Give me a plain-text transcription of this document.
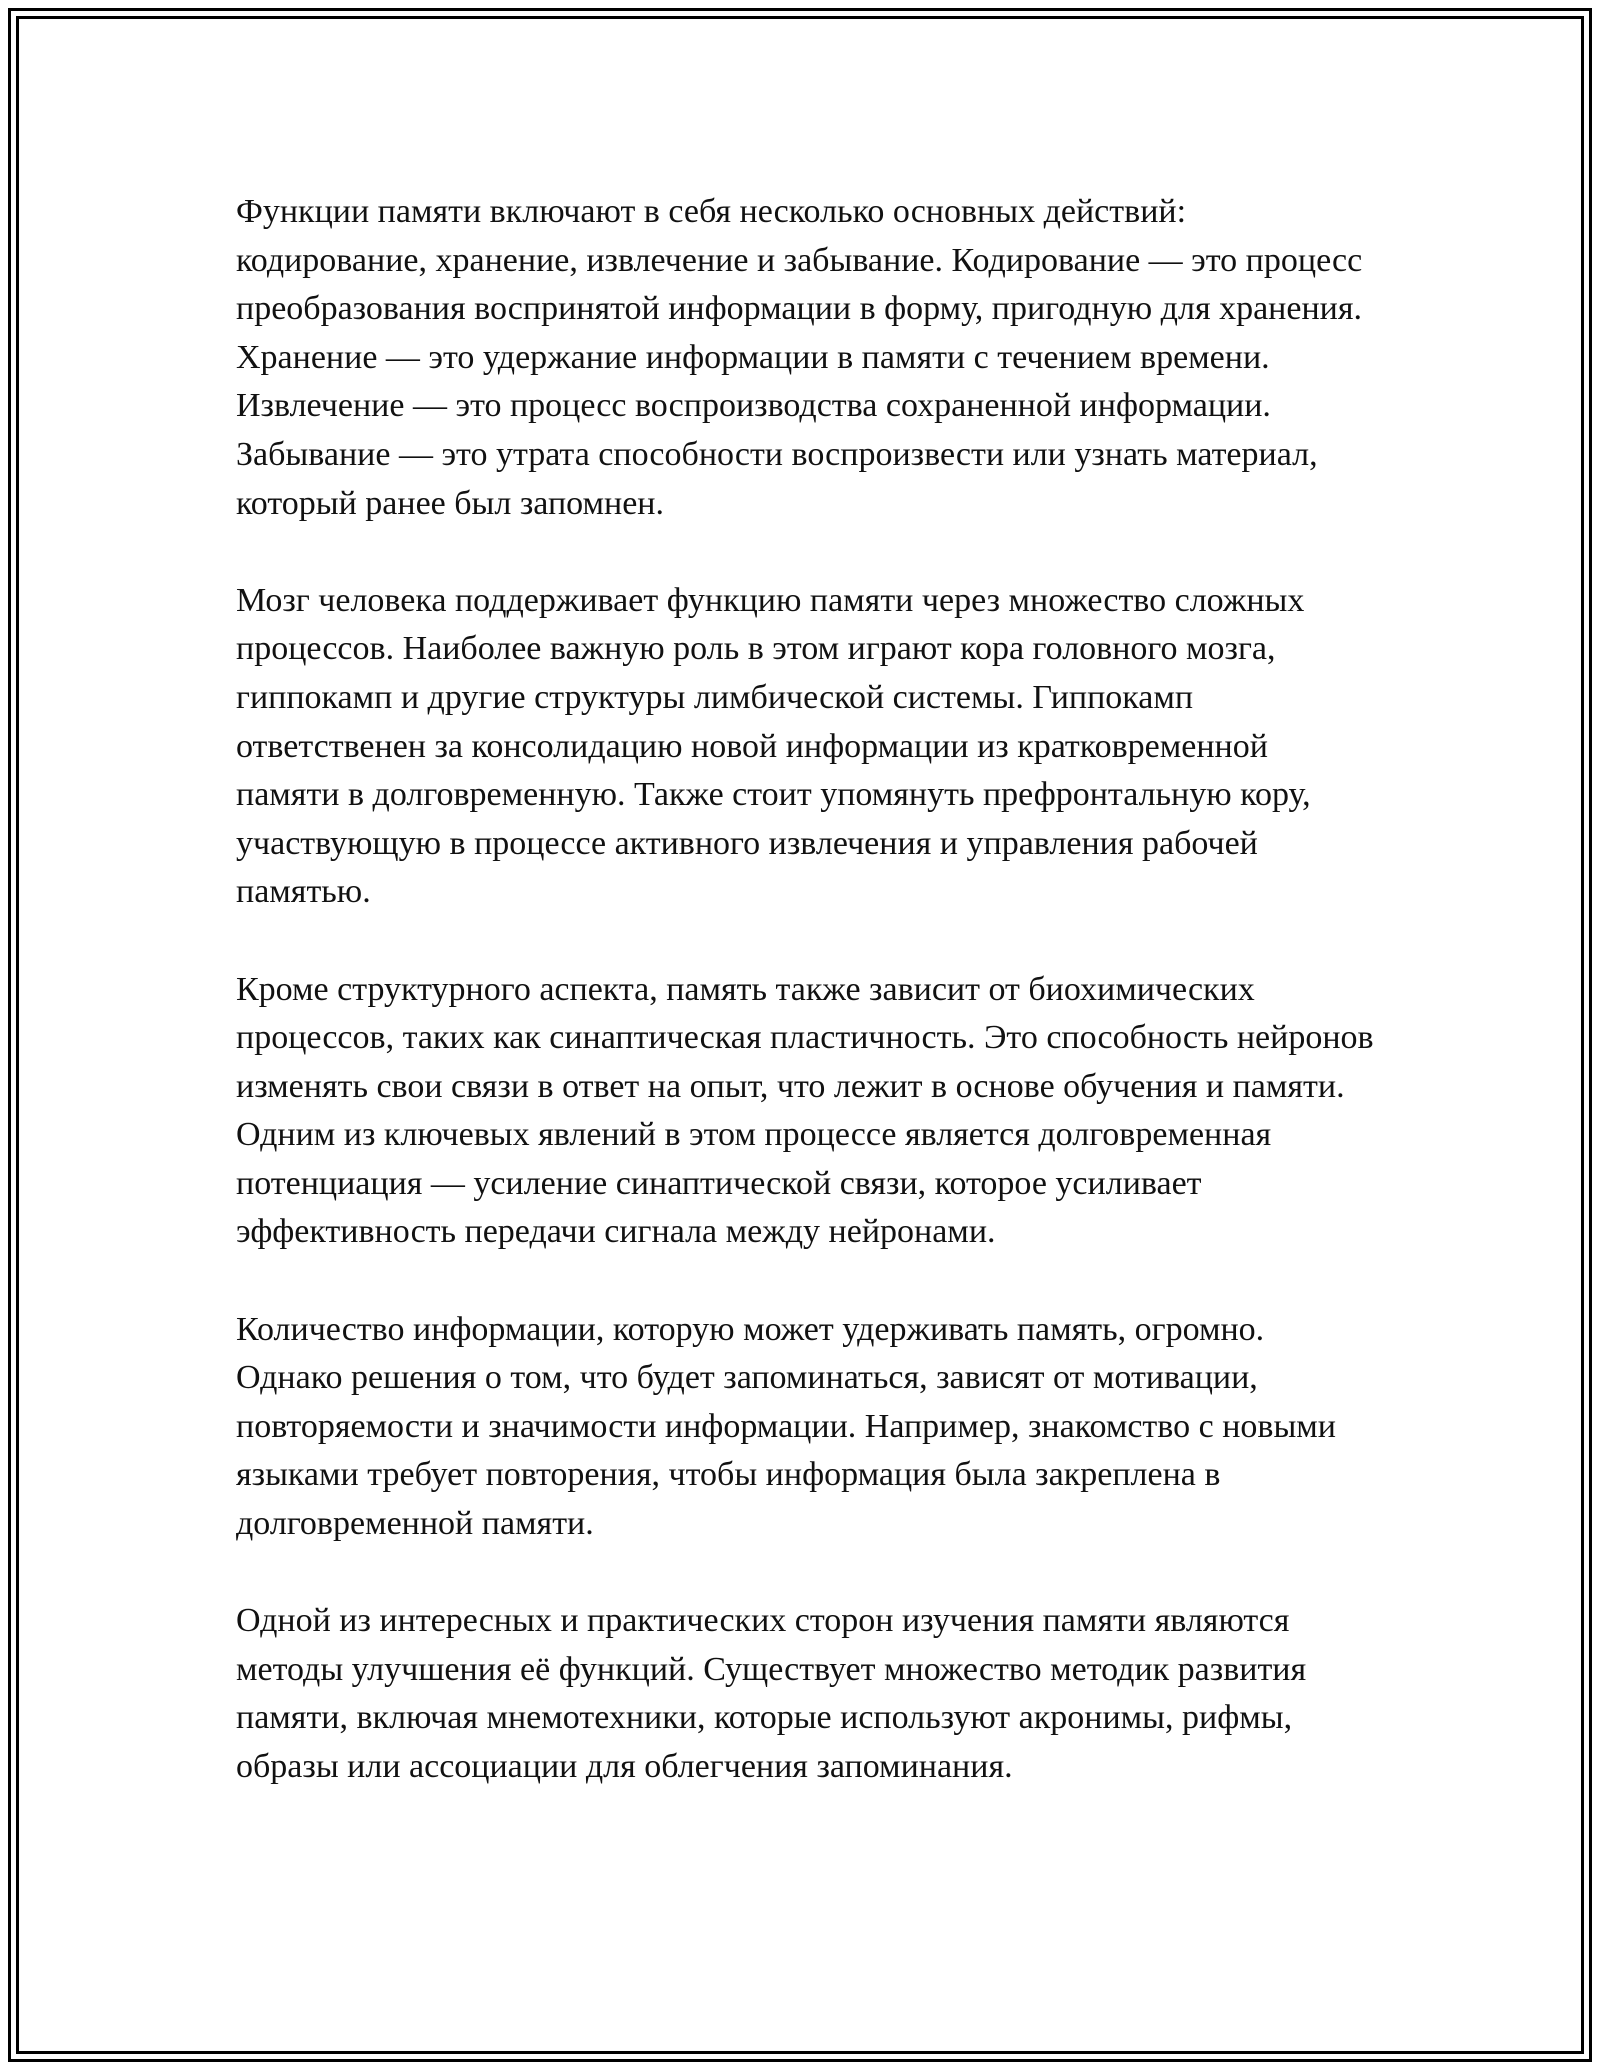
Функции памяти включают в себя несколько основных действий: кодирование, хранение, извлечение и забывание. Кодирование — это процесс преобразования воспринятой информации в форму, пригодную для хранения. Хранение — это удержание информации в памяти с течением времени. Извлечение — это процесс воспроизводства сохраненной информации. Забывание — это утрата способности воспроизвести или узнать материал, который ранее был запомнен.

Мозг человека поддерживает функцию памяти через множество сложных процессов. Наиболее важную роль в этом играют кора головного мозга, гиппокамп и другие структуры лимбической системы. Гиппокамп ответственен за консолидацию новой информации из кратковременной памяти в долговременную. Также стоит упомянуть префронтальную кору, участвующую в процессе активного извлечения и управления рабочей памятью.

Кроме структурного аспекта, память также зависит от биохимических процессов, таких как синаптическая пластичность. Это способность нейронов изменять свои связи в ответ на опыт, что лежит в основе обучения и памяти. Одним из ключевых явлений в этом процессе является долговременная потенциация — усиление синаптической связи, которое усиливает эффективность передачи сигнала между нейронами.

Количество информации, которую может удерживать память, огромно. Однако решения о том, что будет запоминаться, зависят от мотивации, повторяемости и значимости информации. Например, знакомство с новыми языками требует повторения, чтобы информация была закреплена в долговременной памяти.

Одной из интересных и практических сторон изучения памяти являются методы улучшения её функций. Существует множество методик развития памяти, включая мнемотехники, которые используют акронимы, рифмы, образы или ассоциации для облегчения запоминания.
